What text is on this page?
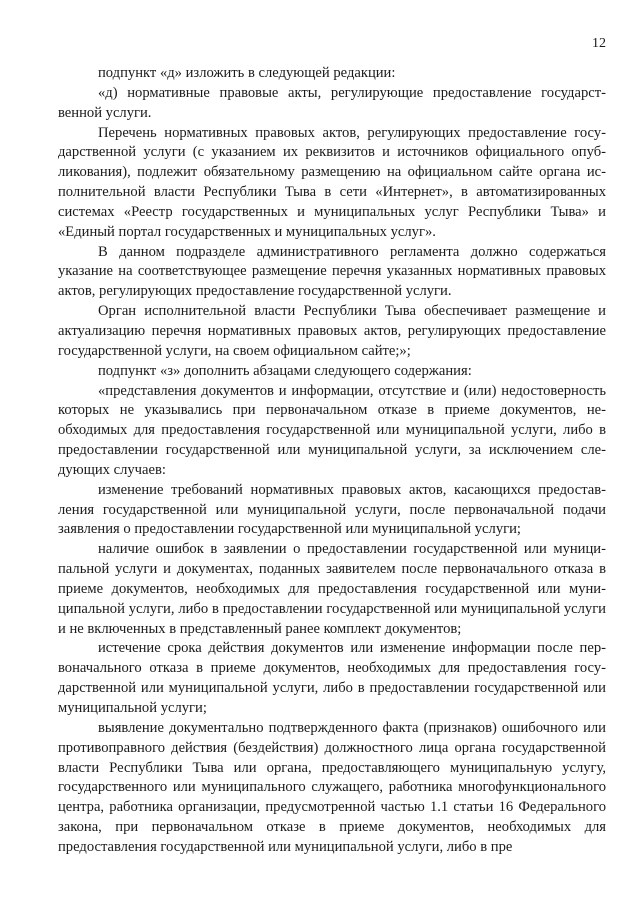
12

подпункт «д» изложить в следующей редакции:

«д) нормативные правовые акты, регулирующие предоставление государственной услуги.

Перечень нормативных правовых актов, регулирующих предоставление государственной услуги (с указанием их реквизитов и источников официального опубликования), подлежит обязательному размещению на официальном сайте органа исполнительной власти Республики Тыва в сети «Интернет», в автоматизированных системах «Реестр государственных и муниципальных услуг Республики Тыва» и «Единый портал государственных и муниципальных услуг».

В данном подразделе административного регламента должно содержаться указание на соответствующее размещение перечня указанных нормативных правовых актов, регулирующих предоставление государственной услуги.

Орган исполнительной власти Республики Тыва обеспечивает размещение и актуализацию перечня нормативных правовых актов, регулирующих предоставление государственной услуги, на своем официальном сайте;»;

подпункт «з» дополнить абзацами следующего содержания:

«представления документов и информации, отсутствие и (или) недостоверность которых не указывались при первоначальном отказе в приеме документов, необходимых для предоставления государственной или муниципальной услуги, либо в предоставлении государственной или муниципальной услуги, за исключением следующих случаев:

изменение требований нормативных правовых актов, касающихся предоставления государственной или муниципальной услуги, после первоначальной подачи заявления о предоставлении государственной или муниципальной услуги;

наличие ошибок в заявлении о предоставлении государственной или муниципальной услуги и документах, поданных заявителем после первоначального отказа в приеме документов, необходимых для предоставления государственной или муниципальной услуги, либо в предоставлении государственной или муниципальной услуги и не включенных в представленный ранее комплект документов;

истечение срока действия документов или изменение информации после первоначального отказа в приеме документов, необходимых для предоставления государственной или муниципальной услуги, либо в предоставлении государственной или муниципальной услуги;

выявление документально подтвержденного факта (признаков) ошибочного или противоправного действия (бездействия) должностного лица органа государственной власти Республики Тыва или органа, предоставляющего муниципальную услугу, государственного или муниципального служащего, работника многофункционального центра, работника организации, предусмотренной частью 1.1 статьи 16 Федерального закона, при первоначальном отказе в приеме документов, необходимых для предоставления государственной или муниципальной услуги, либо в пре
